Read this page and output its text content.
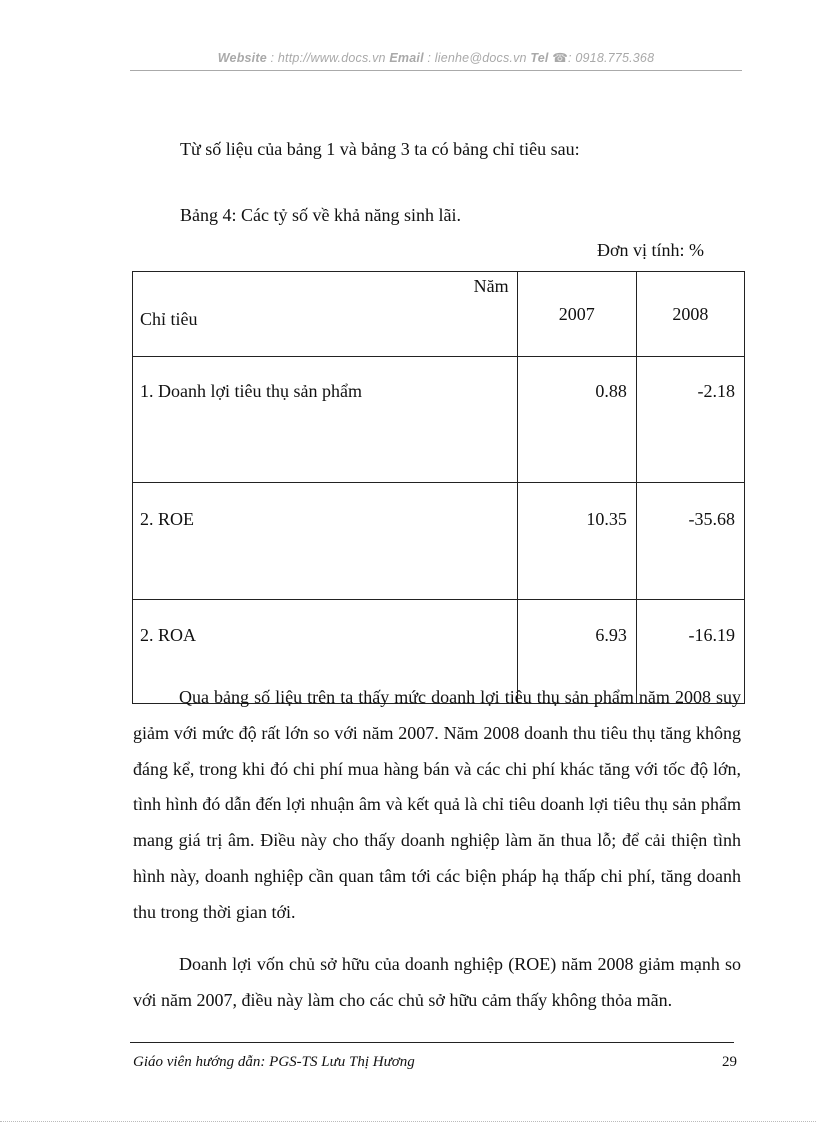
Website : http://www.docs.vn Email : lienhe@docs.vn Tel ☎: 0918.775.368
Từ số liệu của bảng 1 và bảng 3 ta có bảng chỉ tiêu sau:
Bảng 4: Các tỷ số về khả năng sinh lãi.
Đơn vị tính: %
Năm
Chỉ tiêu	2007	2008
1. Doanh lợi tiêu thụ sản phẩm	0.88	-2.18
2. ROE	10.35	-35.68
2. ROA	6.93	-16.19

Qua bảng số liệu trên ta thấy mức doanh lợi tiêu thụ sản phẩm năm 2008 suy giảm với mức độ rất lớn so với năm 2007. Năm 2008 doanh thu tiêu thụ tăng không đáng kể, trong khi đó chi phí mua hàng bán và các chi phí khác tăng với tốc độ lớn, tình hình đó dẫn đến lợi nhuận âm và kết quả là chỉ tiêu doanh lợi tiêu thụ sản phẩm mang giá trị âm. Điều này cho thấy doanh nghiệp làm ăn thua lỗ; để cải thiện tình hình này, doanh nghiệp cần quan tâm tới các biện pháp hạ thấp chi phí, tăng doanh thu trong thời gian tới.

Doanh lợi vốn chủ sở hữu của doanh nghiệp (ROE) năm 2008 giảm mạnh so với năm 2007, điều này làm cho các chủ sở hữu cảm thấy không thỏa mãn.

Giáo viên hướng dẫn: PGS-TS Lưu Thị Hương	29
